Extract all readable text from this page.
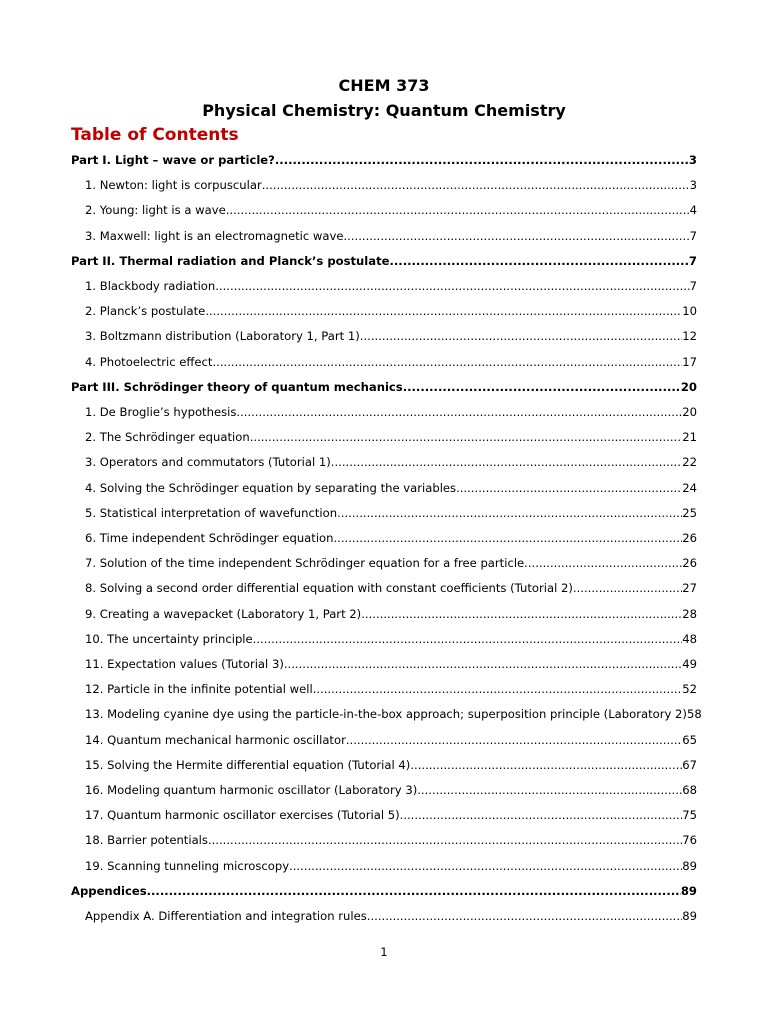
CHEM 373
Physical Chemistry: Quantum Chemistry
Table of Contents
Part I. Light – wave or particle? .....	3
1. Newton: light is corpuscular .....	3
2. Young: light is a wave .....	4
3. Maxwell: light is an electromagnetic wave .....	7
Part II. Thermal radiation and Planck’s postulate .....	7
1. Blackbody radiation .....	7
2. Planck’s postulate .....	10
3. Boltzmann distribution (Laboratory 1, Part 1) .....	12
4. Photoelectric effect .....	17
Part III. Schrödinger theory of quantum mechanics .....	20
1. De Broglie’s hypothesis .....	20
2. The Schrödinger equation .....	21
3. Operators and commutators (Tutorial 1) .....	22
4. Solving the Schrödinger equation by separating the variables .....	24
5. Statistical interpretation of wavefunction .....	25
6. Time independent Schrödinger equation .....	26
7. Solution of the time independent Schrödinger equation for a free particle .....	26
8. Solving a second order differential equation with constant coefficients (Tutorial 2) .....	27
9. Creating a wavepacket (Laboratory 1, Part 2) .....	28
10. The uncertainty principle .....	48
11. Expectation values (Tutorial 3) .....	49
12. Particle in the infinite potential well .....	52
13. Modeling cyanine dye using the particle-in-the-box approach; superposition principle (Laboratory 2) 58
14. Quantum mechanical harmonic oscillator .....	65
15. Solving the Hermite differential equation (Tutorial 4) .....	67
16. Modeling quantum harmonic oscillator (Laboratory 3) .....	68
17. Quantum harmonic oscillator exercises (Tutorial 5) .....	75
18. Barrier potentials .....	76
19. Scanning tunneling microscopy .....	89
Appendices .....	89
Appendix A. Differentiation and integration rules .....	89
1
